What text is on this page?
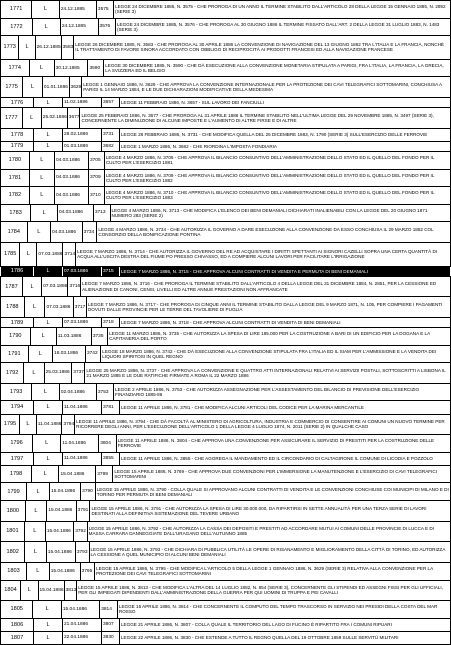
1771	L	24.12.1885	3575
LEGGE 24 DICEMBRE 1885, N. 3575 - CHE PROROGA DI UN ANNO IL TERMINE STABILITO DALL'ARTICOLO 28 DELLA LEGGE 15 GENNAIO 1885, N. 2892 (SERIE 3)
1772	L	24.12.1885	3576
LEGGE 24 DICEMBRE 1885, N. 3576 - CHE PROROGA AL 30 GIUGNO 1886 IL TERMINE FISSATO DALL'ART. 2 DELLA LEGGE 31 LUGLIO 1883, N. 1483 (SERIE 3)
1773	L	26.12.1885 3583
LEGGE 26 DICEMBRE 1885, N. 3583 - CHE PROROGA AL 30 APRILE 1886 LA CONVENZIONE DI NAVIGAZIONE DEL 13 GIUGNO 1862 TRA L'ITALIA E LA FRANCIA, NONCHÉ IL TRATTAMENTO DI FAVORE SINORA ACCORDATO CON OBBLIGO DI RECIPROCITÀ AI PRODOTTI FRANCESI ED ALLA NAVIGAZIONE FRANCESE
1774	L	30.12.1885	3590
LEGGE 30 DICEMBRE 1885, N. 3590 - CHE DÀ ESECUZIONE ALLA CONVENZIONE MONETARIA STIPULATA A PARIGI, FRA L'ITALIA, LA FRANCIA, LA GRECIA, LA SVIZZERA ED IL BELGIO
1775	L	01.01.1886 3629
LEGGE 1 GENNAIO 1886, N. 3629 - CHE APPROVA LA CONVENZIONE INTERNAZIONALE PER LA PROTEZIONE DEI CAVI TELEGRAFICI SOTTOMARINI, CONCHIUSA A PARIGI IL 14 MARZO 1884, E LE DUE DICHIARAZIONI MODIFICATIVE DELLA MEDESIMA
1776	L	11.02.1886	3657	LEGGE 11 FEBBRAIO 1886, N. 3657 - SUL LAVORO DEI FANCIULLI
1777	L	25.02.1886 3677
LEGGE 25 FEBBRAIO 1886, N. 3677 - CHE PROROGA AL 31 APRILE 1886 IL TERMINE STABILITO NELL'ULTIMA LEGGE DEL 29 NOVEMBRE 1885, N. 3497 (SERIE 3), CONCERNENTE LA DIMINUZIONE DI ALCUNE IMPOSTE E L'AUMENTO DI ALTRE FIRSE E DI ALTRE
1778	L	28.02.1886	3731	LEGGE 28 FEBBRAIO 1886, N. 3731 - CHE MODIFICA QUELLA DEL 25 DICEMBRE 1883, N. 1790 (SERIE 3) SULL'ESERCIZIO DELLE FERROVIE
1779	L	01.03.1886	3682	LEGGE 1 MARZO 1886, N. 3682 - CHE RIORDINA L'IMPOSTA FONDIARIA
1780	L	04.03.1886	3705
LEGGE 4 MARZO 1886, N. 3705 - CHE APPROVA IL BILANCIO CONSUNTIVO DELL'AMMINISTRAZIONE DELLO STATO ED IL QUELLO DEL FONDO PER IL CULTO PER L'ESERCIZIO 1881
1781	L	04.03.1886	3709
LEGGE 4 MARZO 1886, N. 3709 - CHE APPROVA IL BILANCIO CONSUNTIVO DELL'AMMINISTRAZIONE DELLO STATO ED IL QUELLO DEL FONDO PER IL CULTO PER L'ESERCIZIO 1882
1782	L	04.03.1886	3710
LEGGE 4 MARZO 1886, N. 3710 - CHE APPROVA IL BILANCIO CONSUNTIVO DELL'AMMINISTRAZIONE DELLO STATO ED IL QUELLO DEL FONDO PER IL CULTO PER L'ESERCIZIO 1883
1783	L	04.03.1886	3713
LEGGE 4 MARZO 1886, N. 3713 - CHE MODIFICA L'ELENCO DEI BENI DEMANIALI DICHIARATI INALIENABILI CON LA LEGGE DEL 20 GIUGNO 1871 NUMERO 283 (SERIE 2)
1784	L	04.03.1886	3734
LEGGE 4 MARZO 1886, N. 3734 - CHE AUTORIZZA IL GOVERNO A DARE ESECUZIONE ALLA CONVENZIONE DA ESSO CONCHIUSA IL 29 MARZO 1882 COL CONSORZIO DELLA BONIFICAZIONE PONTINA
1785	L	07.03.1886 3714
LEGGE 7 MARZO 1886, N. 3714 - CHE AUTORIZZA IL GOVERNO DEL RE AD ACQUISTARE I DIRITTI SPETTANTI AI SIGNORI CAZELLI SOPRA UNA CERTA QUANTITÀ DI ACQUA ALL'USCITA DESTRA DEL FIUME PO PRESSO CHIVASSO, ED A COMPIERE ALCUNI LAVORI PER FACILITARE L'IRRIGAZIONE
1786	L	07.03.1886	3715	LEGGE 7 MARZO 1886, N. 3715 - CHE APPROVA ALCUNI CONTRATTI DI VENDITA E PERMUTA DI BENI DEMANIALI
1787	L	07.03.1886 3716
LEGGE 7 MARZO 1886, N. 3716 - CHE PROROGA IL TERMINE STABILITO DALL'ARTICOLO 4 DELLA LEGGE DEL 31 DICEMBRE 1884, N. 2851, PER LA CESSIONE ED ALIENAZIONE DI CANONI, CENSI, LIVELLI ED ALTRE ANNUE PRESTAZIONI NON AFFRANCATE
1788	L	07.03.1886 3717
LEGGE 7 MARZO 1886, N. 3717 - CHE PROROGA DI CINQUE ANNI IL TERMINE STABILITO DALLA LEGGE DEL 9 MARZO 1871, N. 105, PER COMPIERE I PAGAMENTI DOVUTI DALLE PROVINCIE PER LE TERRE DEL TAVOLIERE DI PUGLIA
1789	L	07.03.1886	3718	LEGGE 7 MARZO 1886, N. 3718 - CHE APPROVA ALCUNI CONTRATTI DI VENDITA DI BENI DEMANIALI
1790	L	11.03.1886	3735
LEGGE 11 MARZO 1886, N. 3735 - CHE AUTORIZZA LA SPESA DI LIRE 185.000 PER LA COSTRUZIONE A BARI DI UN EDIFICIO PER LA DOGANA E LA CAPITANERIA DEL PORTO
1791	L	18.03.1886	3742
LEGGE 18 MARZO 1886, N. 3742 - CHE DÀ ESECUZIONE ALLA CONVENZIONE STIPULATA FRA L'ITALIA ED IL SIAM PER L'AMMISSIONE E LA VENDITA DEI LIQUORI SPIRITOSI IN QUEL REGNO
1792	L	25.03.1886 3737
LEGGE 25 MARZO 1886, N. 3737 - CHE APPROVA LA CONVENZIONE E QUATTRO ATTI INTERNAZIONALI RELATIVI AI SERVIZII POSTALI, SOTTOSCRITTI A LISBONA IL 21 MARZO 1885 E LE DUE RATIFICHE FIRMATE A ROMA IL 22 MARZO 1886
1793	L	02.04.1886	3753
LEGGE 2 APRILE 1886, N. 3753 - CHE AUTORIZZA ASSEGNAZIONE PER L'ASSESTAMENTO DEL BILANCIO DI PREVISIONE DELL'ESERCIZIO FINANZIARIO 1885-86
1794	L	11.04.1886	3781	LEGGE 11 APRILE 1886, N. 3781 - CHE MODIFICA ALCUNI ARTICOLI DEL CODICE PER LA MARINA MERCANTILE
1795	L	11.04.1886 3794
LEGGE 11 APRILE 1886, N. 3794 - CHE DÀ FACOLTÀ AL MINISTERO DI AGRICOLTURA, INDUSTRIA E COMMERCIO DI CONSENTIRE AI COMUNI UN NUOVO TERMINE PER RICORRERE DEGLI ANNI, PER L'ESECUZIONE DELL'ARTICOLO 1 DELLA LEGGE 4 LUGLIO 1874, N. 2011 (SERIE 2) IN QUALCHE CASO
1796	L	11.04.1886	3804
LEGGE 11 APRILE 1886, N. 3804 - CHE APPROVA UNA CONVENZIONE PER ASSICURARE IL SERVIZIO DI PRESTITI PER LA COSTRUZIONE DELLE FERROVIE
1797	L	11.04.1886	3855	LEGGE 11 APRILE 1886, N. 3855 - CHE AGGREGA IL MANDAMENTO ED IL CIRCONDARIO DI CALTAGIRONE IL COMUNE DI LICODIA E POZZOLO
1798	L	15.04.1886	3789
LEGGE 15 APRILE 1886, N. 3789 - CHE APPROVA DUE CONVENZIONI PER L'IMMERSIONE LA MANUTENZIONE E L'ESERCIZIO DI CAVI TELEGRAFICI SOTTOMARINI
1799	L	15.04.1886	3790
LEGGE 15 APRILE 1886, N. 3790 - COLLA QUALE SI APPROVANO ALCUNI CONTRATTI DI VENDITA E LE CONVENZIONI CONCHIUSE COI MUNICIPI DI MILANO E DI TORINO PER PERMUTA DI BENI DEMANIALI
1800	L	15.04.1886	3791
LEGGE 15 APRILE 1886, N. 3791 - CHE AUTORIZZA LA SPESA DI LIRE 30.000.000, DA RIPARTIRSI IN SETTE ANNUALITÀ PER UNA TERZA SERIE DI LAVORI DESTINATI ALLA DEFINITIVA SISTEMAZIONE DEL TEVERE URBANO
1801	L	15.04.1886 3792
LEGGE 15 APRILE 1886, N. 3792 - CHE AUTORIZZA LA CASSA DEI DEPOSITI E PRESTITI AD ACCORDARE MUTUI AI COMUNI DELLE PROVINCIE DI LUCCA E DI MASSA CARRARA DANNEGGIATE DALL'URAGANO DELL'AUTUNNO 1885
1802	L	15.04.1886	3793
LEGGE 15 APRILE 1886, N. 3793 - CHE DICHIARA DI PUBBLICA UTILITÀ LE OPERE DI RISANAMENTO E MIGLIORAMENTO DELLA CITTÀ DI TORINO, ED AUTORIZZA LA CESSIONE A QUEL MUNICIPIO DI ALCUNI BENI DEMANIALI
1803	L	15.04.1886	3795
LEGGE 15 APRILE 1886, N. 3795 - CHE MODIFICA L'ARTICOLO 5 DELLA LEGGE 1 GENNAIO 1886, N. 3629 (SERIE 3) RELATIVA ALLA CONVENZIONE PER LA PROTEZIONE DEI CAVI TELEGRAFICI SOTTOMARINI
1804	L	15.04.1886 3813
LEGGE 15 APRILE 1886, N. 3813 - CHE MODIFICA L'ALTRA DEL 14 LUGLIO 1882, N. 854 (SERIE 3), CONCERNENTE GLI STIPENDI ED ASSEGNI FISSI PER GLI UFFICIALI, PER GLI IMPIEGATI DIPENDENTI DALL'AMMINISTRAZIONE DELLA GUERRA PER QUI UOMINI DI TRUPPA E PEI CAVALLI
1805	L	15.04.1886	3814
LEGGE 15 APRILE 1886, N. 3814 - CHE CONCERNENTE IL COMPUTO DEL TEMPO TRASCORSO IN SERVIZIO NEI PRESIDI DELLA COSTA DEL MAR ROSSO
1806	L	21.04.1886	3807	LEGGE 21 APRILE 1886, N. 3807 - COLLA QUALE IL TERRITORIO DEL LAGO DI FUCINO È RIPARTITO FRA I COMUNI RIPUARI
1807	L	22.04.1886	3830	LEGGE 22 APRILE 1886, N. 3830 - CHE ESTENDE A TUTTO IL REGNO QUELLA DEL 19 OTTOBRE 1859 SULLE SERVITÙ MILITARI
